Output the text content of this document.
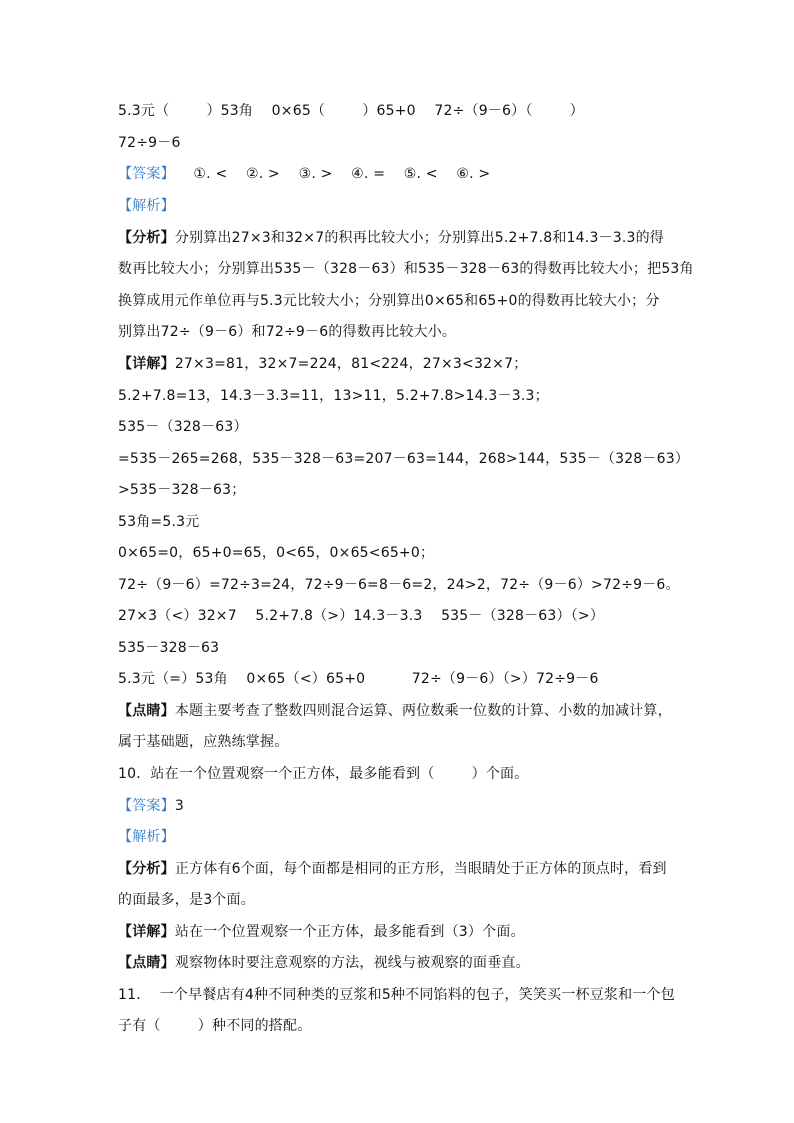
5.3元（        ）53角    0×65（        ）65+0    72÷（9－6）（        ）
72÷9－6
【答案】 ①. <    ②. >    ③. >    ④. =    ⑤. <    ⑥. >
【解析】
【分析】分别算出27×3和32×7的积再比较大小；分别算出5.2+7.8和14.3－3.3的得
数再比较大小；分别算出535－（328－63）和535－328－63的得数再比较大小；把53角
换算成用元作单位再与5.3元比较大小；分别算出0×65和65+0的得数再比较大小；分
别算出72÷（9－6）和72÷9－6的得数再比较大小。
【详解】27×3=81，32×7=224，81<224，27×3<32×7；
5.2+7.8=13，14.3－3.3=11，13>11，5.2+7.8>14.3－3.3；
535－（328－63）
=535－265=268，535－328－63=207－63=144，268>144，535－（328－63）
>535－328－63；
53角=5.3元
0×65=0，65+0=65，0<65，0×65<65+0；
72÷（9－6）=72÷3=24，72÷9－6=8－6=2，24>2，72÷（9－6）>72÷9－6。
27×3（<）32×7    5.2+7.8（>）14.3－3.3    535－（328－63）（>）
535－328－63
5.3元（=）53角    0×65（<）65+0          72÷（9－6）（>）72÷9－6
【点睛】本题主要考查了整数四则混合运算、两位数乘一位数的计算、小数的加减计算，
属于基础题，应熟练掌握。
10．站在一个位置观察一个正方体，最多能看到（        ）个面。
【答案】3
【解析】
【分析】正方体有6个面，每个面都是相同的正方形，当眼睛处于正方体的顶点时，看到
的面最多，是3个面。
【详解】站在一个位置观察一个正方体，最多能看到（3）个面。
【点睛】观察物体时要注意观察的方法，视线与被观察的面垂直。
11．  一个早餐店有4种不同种类的豆浆和5种不同馅料的包子，笑笑买一杯豆浆和一个包
子有（        ）种不同的搭配。
